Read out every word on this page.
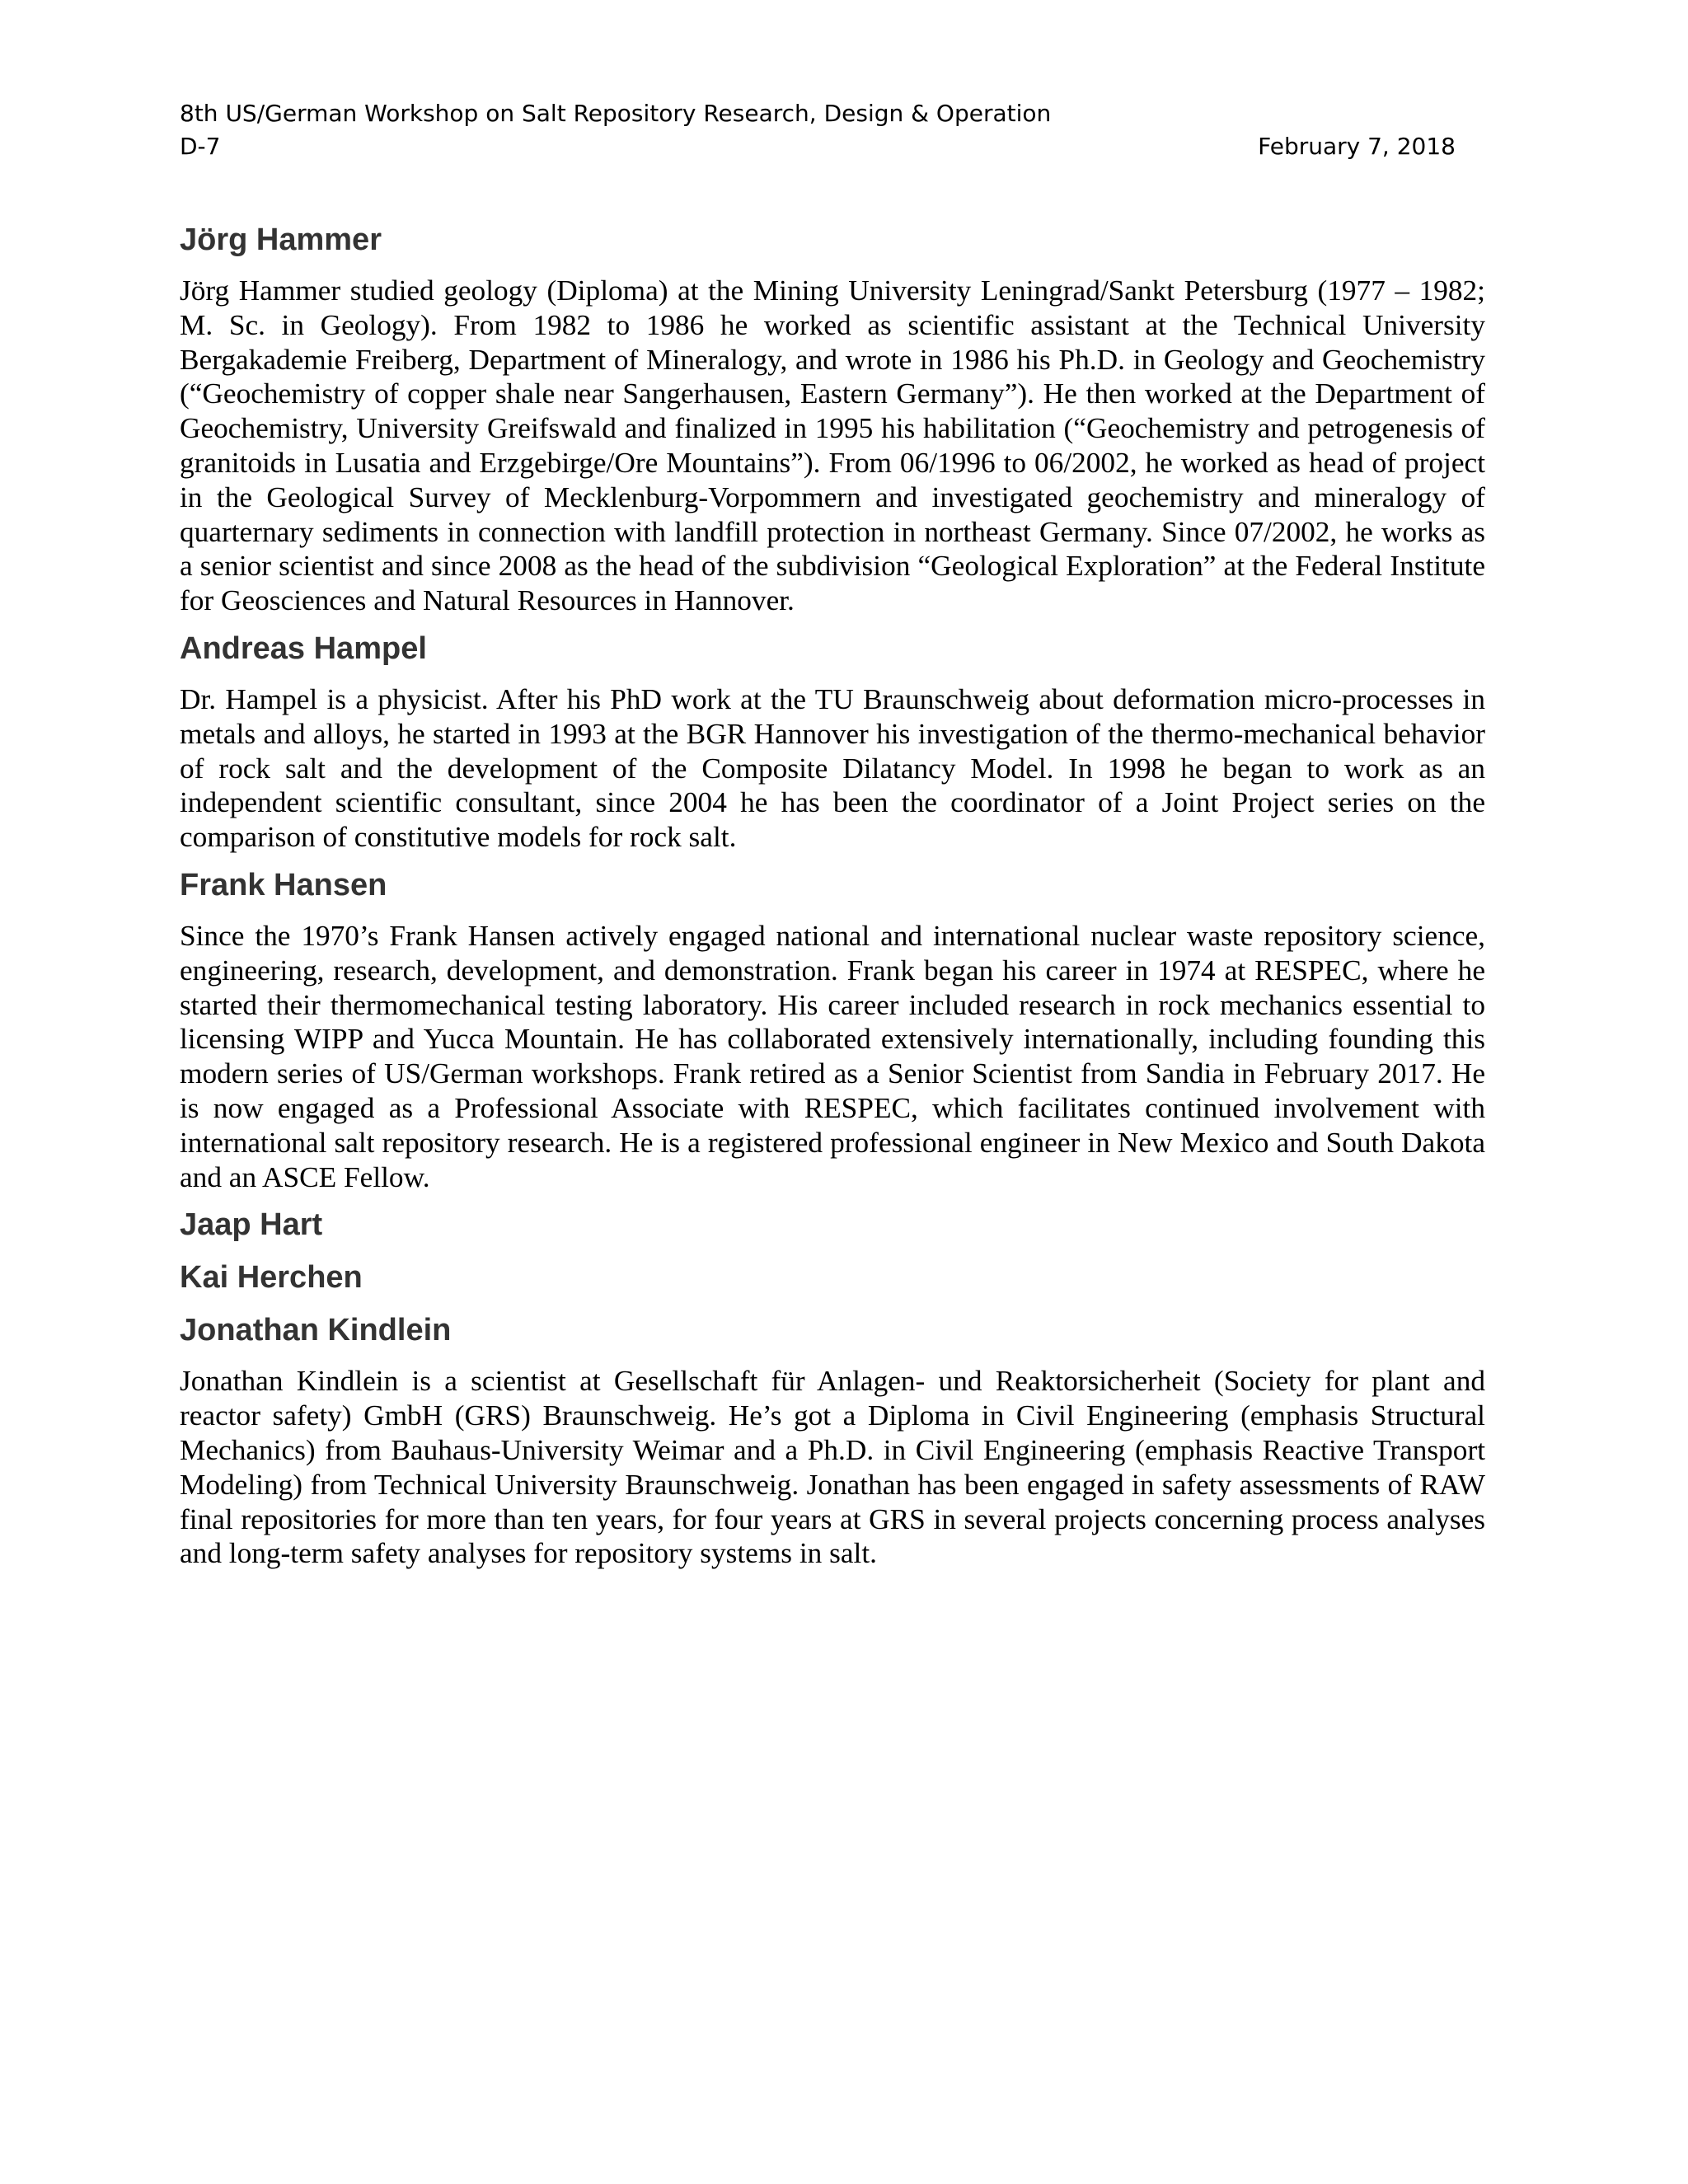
8th US/German Workshop on Salt Repository Research, Design & Operation
D-7	February 7, 2018
Jörg Hammer

Jörg Hammer studied geology (Diploma) at the Mining University Leningrad/Sankt Petersburg (1977 – 1982; M. Sc. in Geology). From 1982 to 1986 he worked as scientific assistant at the Technical University Bergakademie Freiberg, Department of Mineralogy, and wrote in 1986 his Ph.D. in Geology and Geochemistry (“Geochemistry of copper shale near Sangerhausen, Eastern Germany”). He then worked at the Department of Geochemistry, University Greifswald and finalized in 1995 his habilitation (“Geochemistry and petrogenesis of granitoids in Lusatia and Erzgebirge/Ore Mountains”). From 06/1996 to 06/2002, he worked as head of project in the Geological Survey of Mecklenburg-Vorpommern and investigated geochemistry and mineralogy of quarternary sediments in connection with landfill protection in northeast Germany. Since 07/2002, he works as a senior scientist and since 2008 as the head of the subdivision “Geological Exploration” at the Federal Institute for Geosciences and Natural Resources in Hannover.

Andreas Hampel

Dr. Hampel is a physicist. After his PhD work at the TU Braunschweig about deformation micro-processes in metals and alloys, he started in 1993 at the BGR Hannover his investigation of the thermo-mechanical behavior of rock salt and the development of the Composite Dilatancy Model. In 1998 he began to work as an independent scientific consultant, since 2004 he has been the coordinator of a Joint Project series on the comparison of constitutive models for rock salt.

Frank Hansen

Since the 1970’s Frank Hansen actively engaged national and international nuclear waste repository science, engineering, research, development, and demonstration. Frank began his career in 1974 at RESPEC, where he started their thermomechanical testing laboratory. His career included research in rock mechanics essential to licensing WIPP and Yucca Mountain. He has collaborated extensively internationally, including founding this modern series of US/German workshops. Frank retired as a Senior Scientist from Sandia in February 2017. He is now engaged as a Professional Associate with RESPEC, which facilitates continued involvement with international salt repository research. He is a registered professional engineer in New Mexico and South Dakota and an ASCE Fellow.

Jaap Hart
Kai Herchen
Jonathan Kindlein

Jonathan Kindlein is a scientist at Gesellschaft für Anlagen- und Reaktorsicherheit (Society for plant and reactor safety) GmbH (GRS) Braunschweig. He’s got a Diploma in Civil Engineering (emphasis Structural Mechanics) from Bauhaus-University Weimar and a Ph.D. in Civil Engineering (emphasis Reactive Transport Modeling) from Technical University Braunschweig. Jonathan has been engaged in safety assessments of RAW final repositories for more than ten years, for four years at GRS in several projects concerning process analyses and long-term safety analyses for repository systems in salt.
